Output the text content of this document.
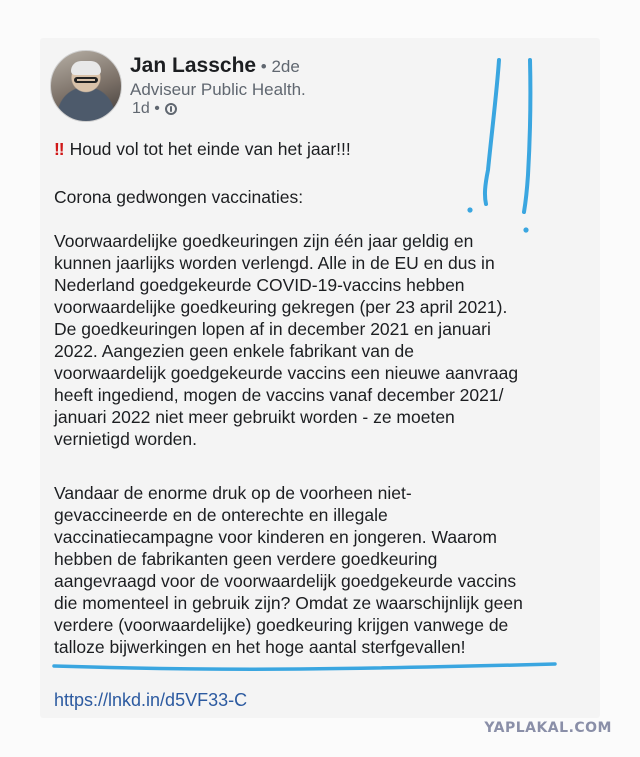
Jan Lassche • 2de
Adviseur Public Health.
1d •
‼ Houd vol tot het einde van het jaar!!!
Corona gedwongen vaccinaties:
Voorwaardelijke goedkeuringen zijn één jaar geldig en
kunnen jaarlijks worden verlengd. Alle in de EU en dus in
Nederland goedgekeurde COVID-19-vaccins hebben
voorwaardelijke goedkeuring gekregen (per 23 april 2021).
De goedkeuringen lopen af in december 2021 en januari
2022. Aangezien geen enkele fabrikant van de
voorwaardelijk goedgekeurde vaccins een nieuwe aanvraag
heeft ingediend, mogen de vaccins vanaf december 2021/
januari 2022 niet meer gebruikt worden - ze moeten
vernietigd worden.
Vandaar de enorme druk op de voorheen niet-
gevaccineerde en de onterechte en illegale
vaccinatiecampagne voor kinderen en jongeren. Waarom
hebben de fabrikanten geen verdere goedkeuring
aangevraagd voor de voorwaardelijk goedgekeurde vaccins
die momenteel in gebruik zijn? Omdat ze waarschijnlijk geen
verdere (voorwaardelijke) goedkeuring krijgen vanwege de
talloze bijwerkingen en het hoge aantal sterfgevallen!
https://lnkd.in/d5VF33-C
YAPLAKAL.COM
